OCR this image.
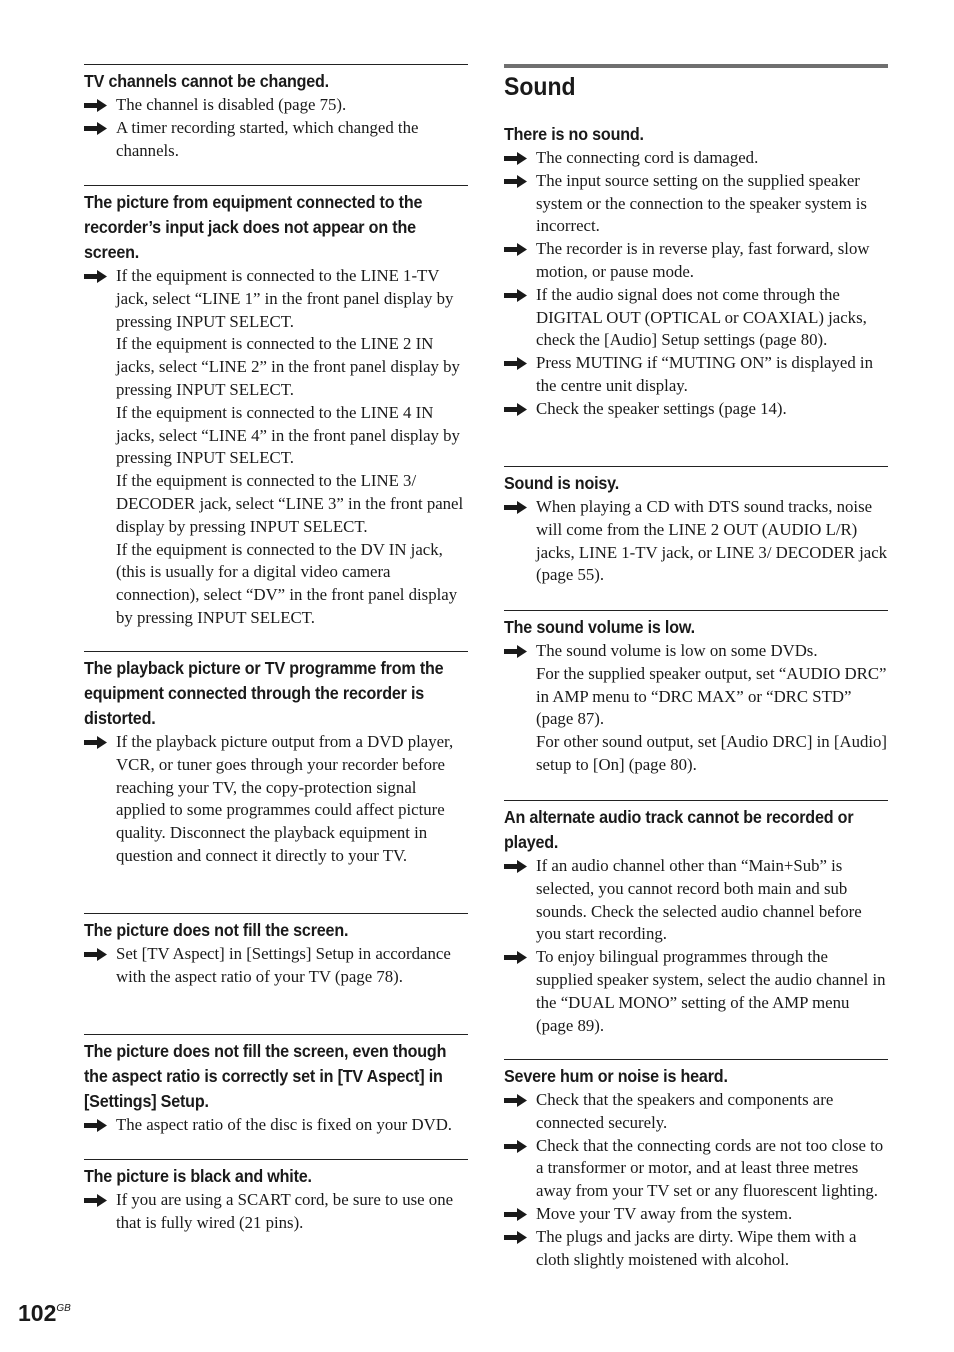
TV channels cannot be changed.

The channel is disabled (page 75).

A timer recording started, which changed the channels.

The picture from equipment connected to the recorder’s input jack does not appear on the screen.

If the equipment is connected to the LINE 1-TV jack, select “LINE 1” in the front panel display by pressing INPUT SELECT.

If the equipment is connected to the LINE 2 IN jacks, select “LINE 2” in the front panel display by pressing INPUT SELECT.

If the equipment is connected to the LINE 4 IN jacks, select “LINE 4” in the front panel display by pressing INPUT SELECT.

If the equipment is connected to the LINE 3/ DECODER jack, select “LINE 3” in the front panel display by pressing INPUT SELECT.

If the equipment is connected to the DV IN jack, (this is usually for a digital video camera connection), select “DV” in the front panel display by pressing INPUT SELECT.

The playback picture or TV programme from the equipment connected through the recorder is distorted.

If the playback picture output from a DVD player, VCR, or tuner goes through your recorder before reaching your TV, the copy-protection signal applied to some programmes could affect picture quality. Disconnect the playback equipment in question and connect it directly to your TV.

The picture does not fill the screen.

Set [TV Aspect] in [Settings] Setup in accordance with the aspect ratio of your TV (page 78).

The picture does not fill the screen, even though the aspect ratio is correctly set in [TV Aspect] in [Settings] Setup.

The aspect ratio of the disc is fixed on your DVD.

The picture is black and white.

If you are using a SCART cord, be sure to use one that is fully wired (21 pins).

Sound
There is no sound.

The connecting cord is damaged.

The input source setting on the supplied speaker system or the connection to the speaker system is incorrect.

The recorder is in reverse play, fast forward, slow motion, or pause mode.

If the audio signal does not come through the DIGITAL OUT (OPTICAL or COAXIAL) jacks, check the [Audio] Setup settings (page 80).

Press MUTING if “MUTING ON” is displayed in the centre unit display.

Check the speaker settings (page 14).

Sound is noisy.

When playing a CD with DTS sound tracks, noise will come from the LINE 2 OUT (AUDIO L/R) jacks, LINE 1-TV jack, or LINE 3/ DECODER jack (page 55).

The sound volume is low.

The sound volume is low on some DVDs.

For the supplied speaker output, set “AUDIO DRC” in AMP menu to “DRC MAX” or “DRC STD” (page 87).

For other sound output, set [Audio DRC] in [Audio] setup to [On] (page 80).

An alternate audio track cannot be recorded or played.

If an audio channel other than “Main+Sub” is selected, you cannot record both main and sub sounds. Check the selected audio channel before you start recording.

To enjoy bilingual programmes through the supplied speaker system, select the audio channel in the “DUAL MONO” setting of the AMP menu (page 89).

Severe hum or noise is heard.

Check that the speakers and components are connected securely.

Check that the connecting cords are not too close to a transformer or motor, and at least three metres away from your TV set or any fluorescent lighting.

Move your TV away from the system.

The plugs and jacks are dirty. Wipe them with a cloth slightly moistened with alcohol.

$102^{GB}$
